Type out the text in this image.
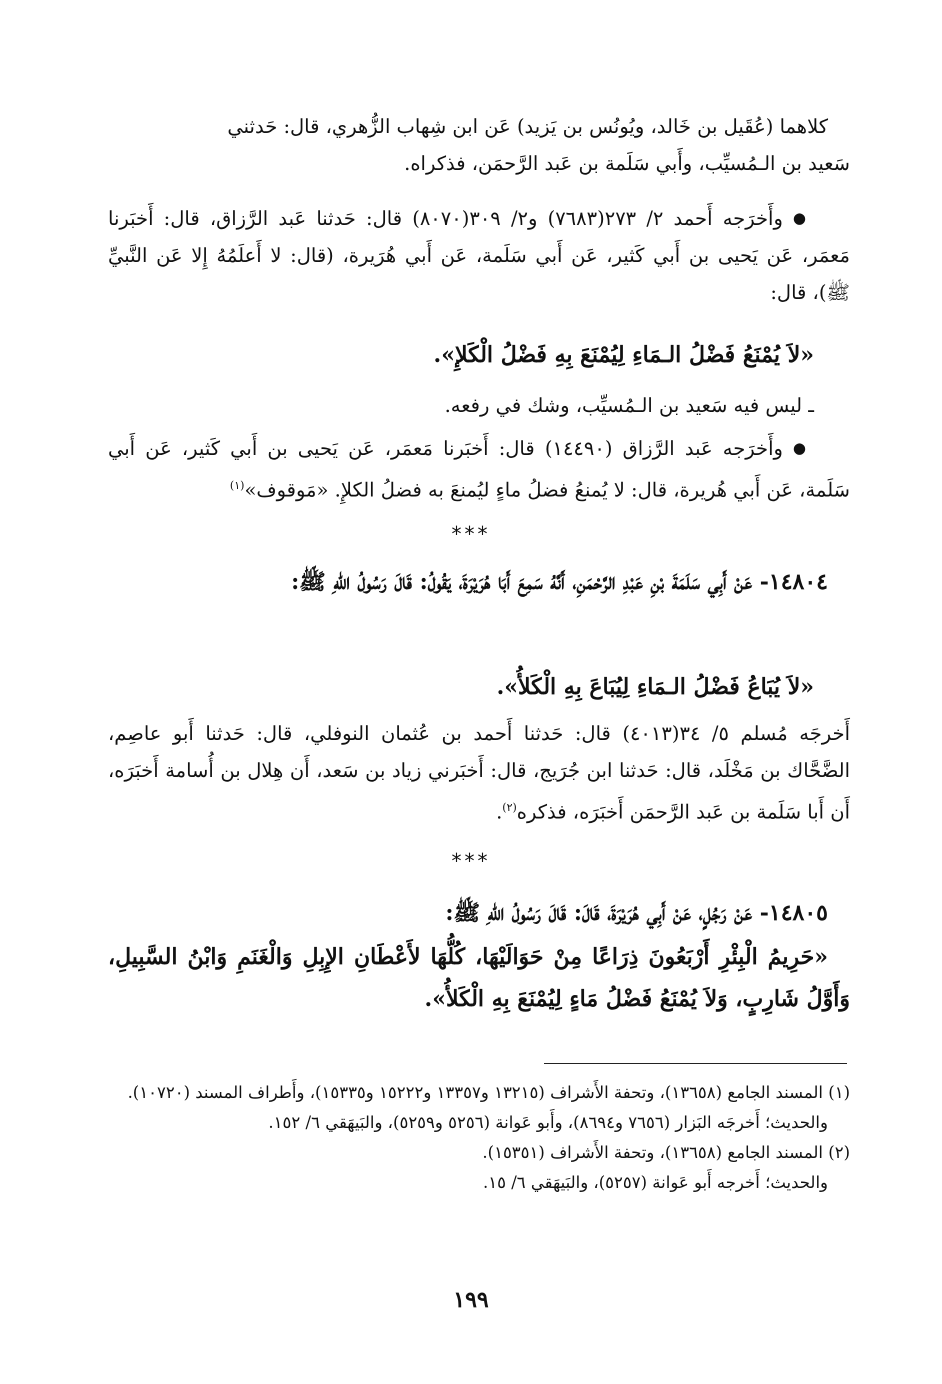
كلاهما (عُقَيل بن خَالد، ويُونُس بن يَزيد) عَن ابن شِهاب الزُّهري، قال: حَدثني
سَعيد بن الـمُسيِّب، وأَبي سَلَمة بن عَبد الرَّحمَن، فذكراه.
●وأَخرَجه أَحمد ٢/ ٢٧٣(٧٦٨٣) و٢/ ٣٠٩(٨٠٧٠) قال: حَدثنا عَبد الرَّزاق، قال: أَخبَرنا مَعمَر، عَن يَحيى بن أَبي كَثير، عَن أَبي سَلَمة، عَن أَبي هُرَيرة، (قال: لا أَعلَمُهُ إِلا عَن النَّبيِّ ﷺ)، قال:
«لاَ يُمْنَعُ فَضْلُ الـمَاءِ لِيُمْنَعَ بِهِ فَضْلُ الْكَلإِ».
ـ ليس فيه سَعيد بن الـمُسيِّب، وشك في رفعه.
●وأَخرَجه عَبد الرَّزاق (١٤٤٩٠) قال: أَخبَرنا مَعمَر، عَن يَحيى بن أَبي كَثير، عَن أَبي سَلَمة، عَن أَبي هُريرة، قال: لا يُمنعُ فضلُ ماءٍ ليُمنعَ به فضلُ الكلإِ. «مَوقوف»$^{(١)}$
***
١٤٨٠٤- عَنْ أَبِي سَلَمَةَ بْنِ عَبْدِ الرَّحْمَنِ، أَنَّهُ سَمِعَ أَبَا هُرَيْرَةَ، يَقُولُ: قَالَ رَسُولُ اللهِ ﷺ:
«لاَ يُبَاعُ فَضْلُ الـمَاءِ لِيُبَاعَ بِهِ الْكَلأُ».
أَخرجَه مُسلم ٥/ ٣٤(٤٠١٣) قال: حَدثنا أَحمد بن عُثمان النوفلي، قال: حَدثنا أَبو عاصِم، الضَّحَّاك بن مَخْلَد، قال: حَدثنا ابن جُرَيج، قال: أَخبَرني زياد بن سَعد، أَن هِلال بن أُسامة أَخبَرَه، أَن أَبا سَلَمة بن عَبد الرَّحمَن أَخبَرَه، فذكره$^{(٢)}$.
***
١٤٨٠٥- عَنْ رَجُلٍ، عَنْ أَبِي هُرَيْرَةَ، قَالَ: قَالَ رَسُولُ اللهِ ﷺ:
«حَرِيمُ الْبِئْرِ أَرْبَعُونَ ذِرَاعًا مِنْ حَوَالَيْهَا، كُلُّهَا لأَعْطَانِ الإِبِلِ وَالْغَنَمِ وَابْنُ السَّبِيلِ، وَأَوَّلُ شَارِبٍ، وَلاَ يُمْنَعُ فَضْلُ مَاءٍ لِيُمْنَعَ بِهِ الْكَلأُ».
(١) المسند الجامع (١٣٦٥٨)، وتحفة الأَشراف (١٣٢١٥ و١٣٣٥٧ و١٥٢٢٢ و١٥٣٣٥)، وأَطراف المسند (١٠٧٢٠).
والحديث؛ أَخرجَه البَزار (٧٦٥٦ و٨٦٩٤)، وأَبو عَوانة (٥٢٥٦ و٥٢٥٩)، والبَيهَقي ٦/ ١٥٢.
(٢) المسند الجامع (١٣٦٥٨)، وتحفة الأَشراف (١٥٣٥١).
والحديث؛ أَخرجه أَبو عَوانة (٥٢٥٧)، والبَيهَقي ٦/ ١٥.
١٩٩
